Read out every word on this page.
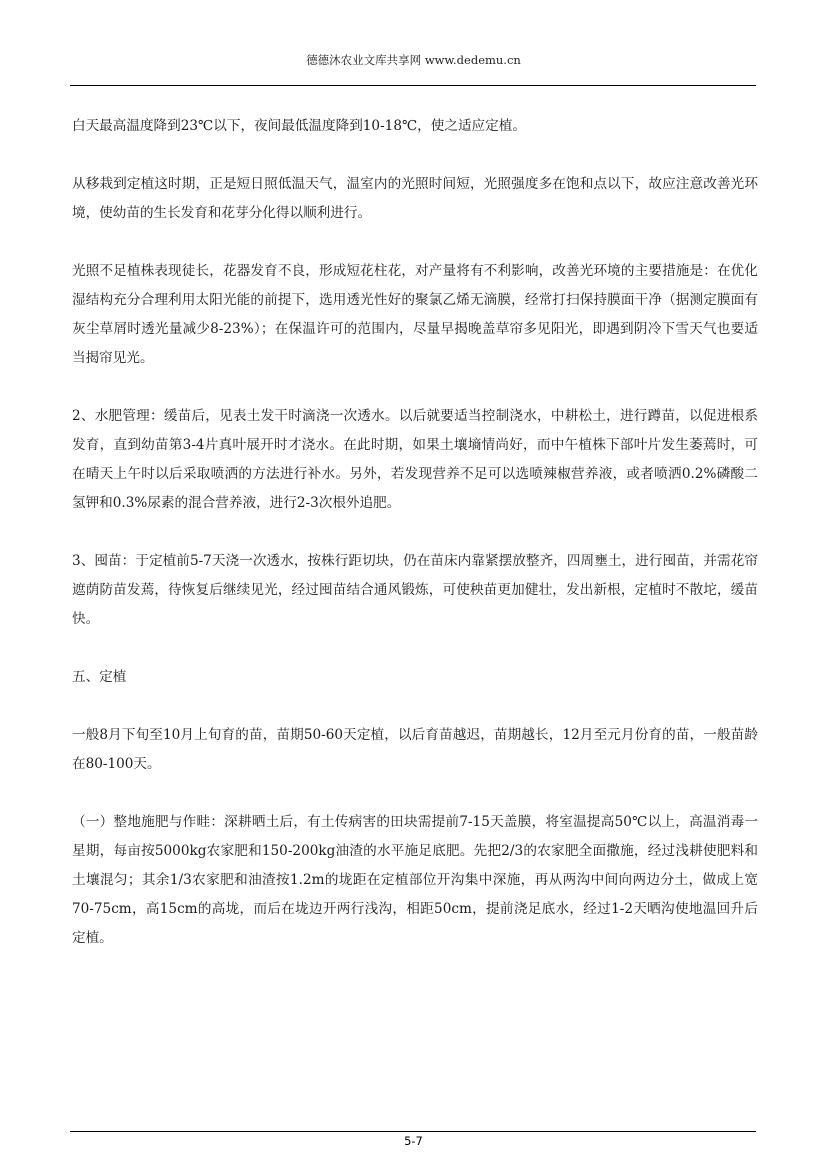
德德沐农业文库共享网 www.dedemu.cn

白天最高温度降到23℃以下，夜间最低温度降到10-18℃，使之适应定植。

从移栽到定植这时期，正是短日照低温天气，温室内的光照时间短，光照强度多在饱和点以下，故应注意改善光环境，使幼苗的生长发育和花芽分化得以顺利进行。

光照不足植株表现徒长，花器发育不良，形成短花柱花，对产量将有不利影响，改善光环境的主要措施是：在优化湿结构充分合理利用太阳光能的前提下，选用透光性好的聚氯乙烯无滴膜，经常打扫保持膜面干净（据测定膜面有灰尘草屑时透光量减少8-23%）；在保温许可的范围内，尽量早揭晚盖草帘多见阳光，即遇到阴冷下雪天气也要适当揭帘见光。

2、水肥管理：缓苗后，见表土发干时滴浇一次透水。以后就要适当控制浇水，中耕松土，进行蹲苗，以促进根系发育，直到幼苗第3-4片真叶展开时才浇水。在此时期，如果土壤墒情尚好，而中午植株下部叶片发生萎蔫时，可在晴天上午时以后采取喷洒的方法进行补水。另外，若发现营养不足可以选喷辣椒营养液，或者喷洒0.2%磷酸二氢钾和0.3%尿素的混合营养液，进行2-3次根外追肥。

3、囤苗：于定植前5-7天浇一次透水，按株行距切块，仍在苗床内靠紧摆放整齐，四周壅土，进行囤苗，并需花帘遮荫防苗发蔫，待恢复后继续见光，经过囤苗结合通风锻炼，可使秧苗更加健壮，发出新根，定植时不散坨，缓苗快。

五、定植

一般8月下旬至10月上旬育的苗，苗期50-60天定植，以后育苗越迟，苗期越长，12月至元月份育的苗，一般苗龄在80-100天。

（一）整地施肥与作畦：深耕晒土后，有土传病害的田块需提前7-15天盖膜，将室温提高50℃以上，高温消毒一星期，每亩按5000kg农家肥和150-200kg油渣的水平施足底肥。先把2/3的农家肥全面撒施，经过浅耕使肥料和土壤混匀；其余1/3农家肥和油渣按1.2m的垅距在定植部位开沟集中深施，再从两沟中间向两边分土，做成上宽70-75cm，高15cm的高垅，而后在垅边开两行浅沟，相距50cm，提前浇足底水，经过1-2天晒沟使地温回升后定植。

5-7
